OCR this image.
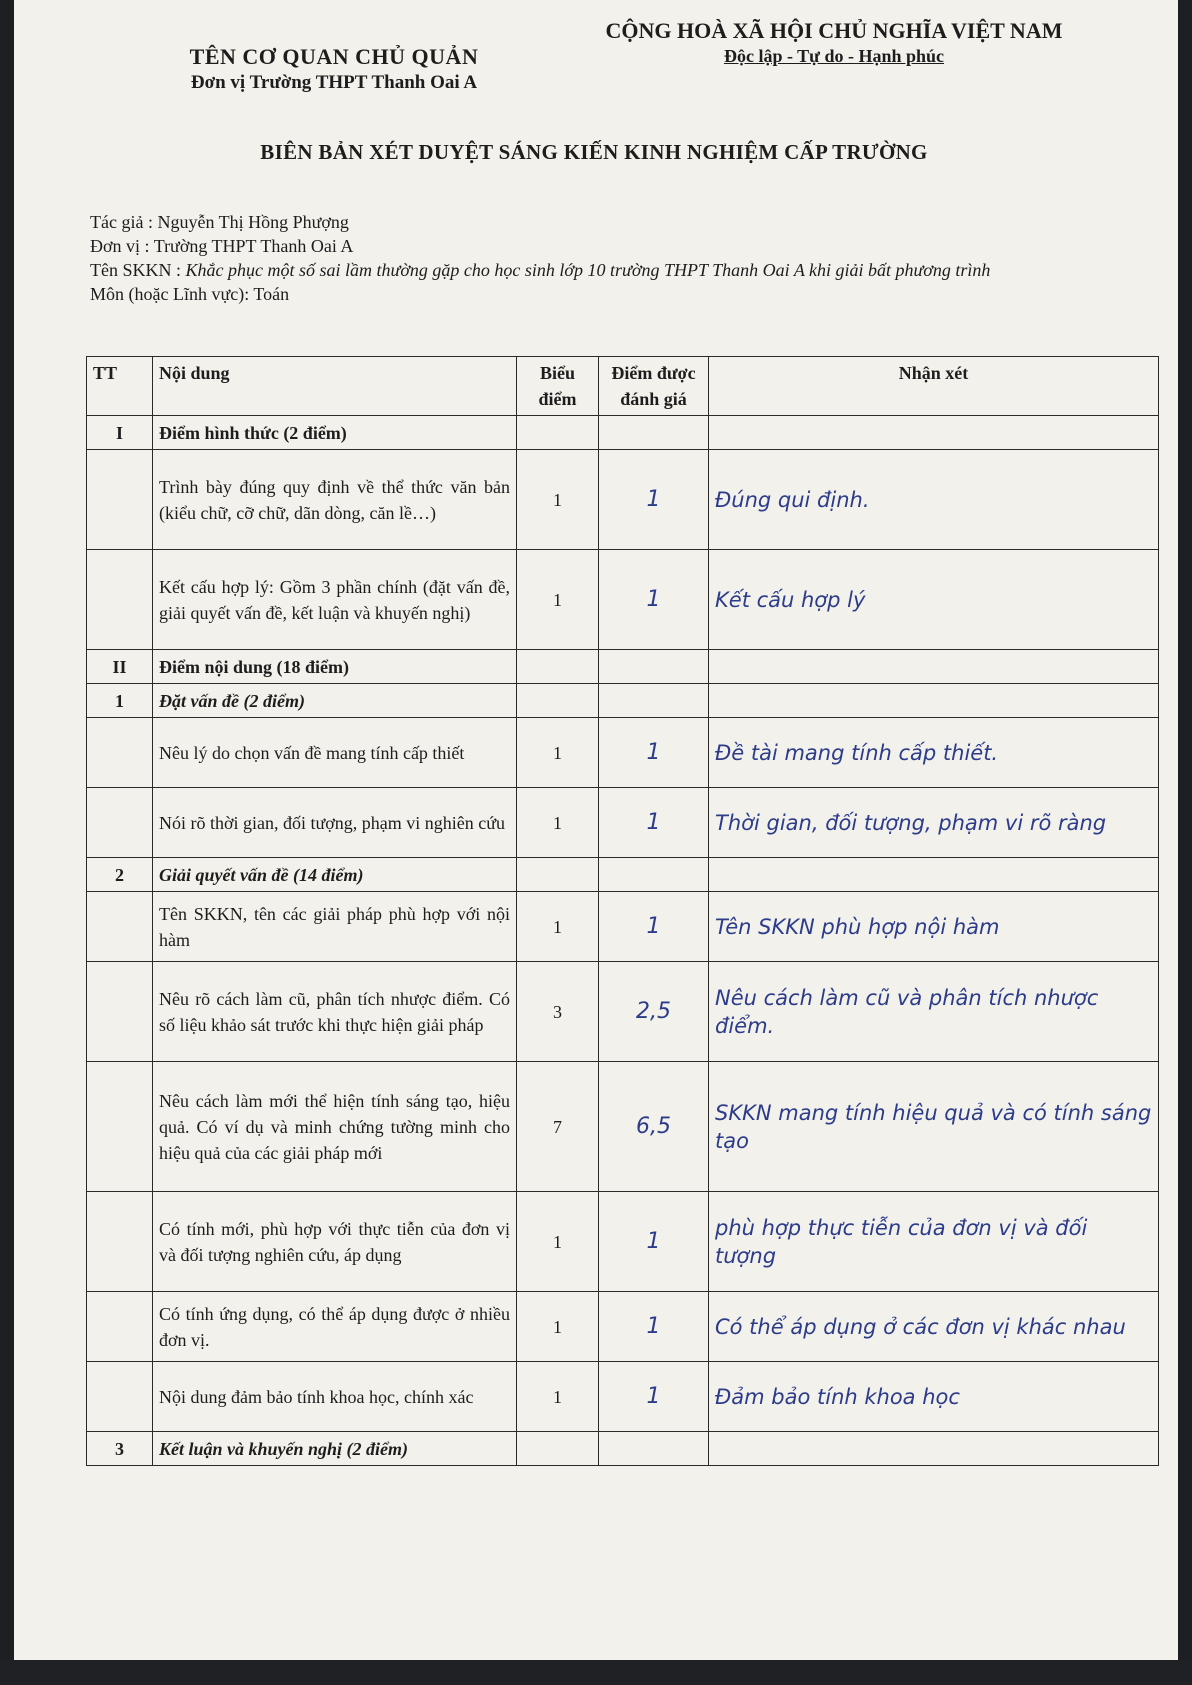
TÊN CƠ QUAN CHỦ QUẢN
Đơn vị Trường THPT Thanh Oai A
CỘNG HOÀ XÃ HỘI CHỦ NGHĨA VIỆT NAM
Độc lập - Tự do - Hạnh phúc
BIÊN BẢN XÉT DUYỆT SÁNG KIẾN KINH NGHIỆM CẤP TRƯỜNG
Tác giả : Nguyễn Thị Hồng Phượng
Đơn vị : Trường THPT Thanh Oai A
Tên SKKN : Khắc phục một số sai lầm thường gặp cho học sinh lớp 10 trường THPT Thanh Oai A khi giải bất phương trình
Môn (hoặc Lĩnh vực): Toán
TT	Nội dung	Biểu điểm	Điểm được đánh giá	Nhận xét
I	Điểm hình thức (2 điểm)			
	Trình bày đúng quy định về thể thức văn bản (kiểu chữ, cỡ chữ, dãn dòng, căn lề…)	1	1	Đúng qui định.
	Kết cấu hợp lý: Gồm 3 phần chính (đặt vấn đề, giải quyết vấn đề, kết luận và khuyến nghị)	1	1	Kết cấu hợp lý
II	Điểm nội dung (18 điểm)			
1	Đặt vấn đề (2 điểm)			
	Nêu lý do chọn vấn đề mang tính cấp thiết	1	1	Đề tài mang tính cấp thiết.
	Nói rõ thời gian, đối tượng, phạm vi nghiên cứu	1	1	Thời gian, đối tượng, phạm vi rõ ràng
2	Giải quyết vấn đề (14 điểm)			
	Tên SKKN, tên các giải pháp phù hợp với nội hàm	1	1	Tên SKKN phù hợp nội hàm
	Nêu rõ cách làm cũ, phân tích nhược điểm. Có số liệu khảo sát trước khi thực hiện giải pháp	3	2,5	Nêu cách làm cũ và phân tích nhược điểm.
	Nêu cách làm mới thể hiện tính sáng tạo, hiệu quả. Có ví dụ và minh chứng tường minh cho hiệu quả của các giải pháp mới	7	6,5	SKKN mang tính hiệu quả và có tính sáng tạo
	Có tính mới, phù hợp với thực tiễn của đơn vị và đối tượng nghiên cứu, áp dụng	1	1	phù hợp thực tiễn của đơn vị và đối tượng
	Có tính ứng dụng, có thể áp dụng được ở nhiều đơn vị.	1	1	Có thể áp dụng ở các đơn vị khác nhau
	Nội dung đảm bảo tính khoa học, chính xác	1	1	Đảm bảo tính khoa học
3	Kết luận và khuyến nghị (2 điểm)			
